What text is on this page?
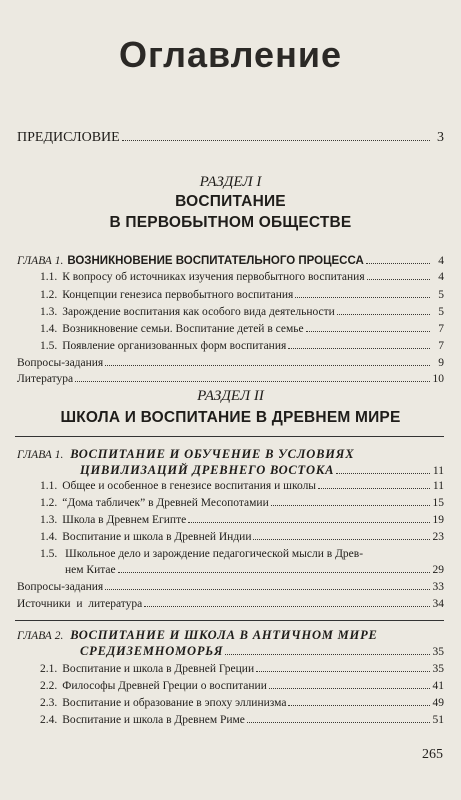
Оглавление
ПРЕДИСЛОВИЕ	3
РАЗДЕЛ I
ВОСПИТАНИЕ
В ПЕРВОБЫТНОМ ОБЩЕСТВЕ
ГЛАВА 1. ВОЗНИКНОВЕНИЕ ВОСПИТАТЕЛЬНОГО ПРОЦЕССА	4
1.1. К вопросу об источниках изучения первобытного воспитания	4
1.2. Концепции генезиса первобытного воспитания	5
1.3. Зарождение воспитания как особого вида деятельности	5
1.4. Возникновение семьи. Воспитание детей в семье	7
1.5. Появление организованных форм воспитания	7
Вопросы-задания	9
Литература	10
РАЗДЕЛ II
ШКОЛА И ВОСПИТАНИЕ В ДРЕВНЕМ МИРЕ
ГЛАВА 1. ВОСПИТАНИЕ И ОБУЧЕНИЕ В УСЛОВИЯХ
ЦИВИЛИЗАЦИЙ ДРЕВНЕГО ВОСТОКА	11
1.1. Общее и особенное в генезисе воспитания и школы	11
1.2. “Дома табличек” в Древней Месопотамии	15
1.3. Школа в Древнем Египте	19
1.4. Воспитание и школа в Древней Индии	23
1.5. Школьное дело и зарождение педагогической мысли в Древ-
нем Китае	29
Вопросы-задания	33
Источники  и  литература	34
ГЛАВА 2. ВОСПИТАНИЕ И ШКОЛА В АНТИЧНОМ МИРЕ
СРЕДИЗЕМНОМОРЬЯ	35
2.1. Воспитание и школа в Древней Греции	35
2.2. Философы Древней Греции о воспитании	41
2.3. Воспитание и образование в эпоху эллинизма	49
2.4. Воспитание и школа в Древнем Риме	51
265
